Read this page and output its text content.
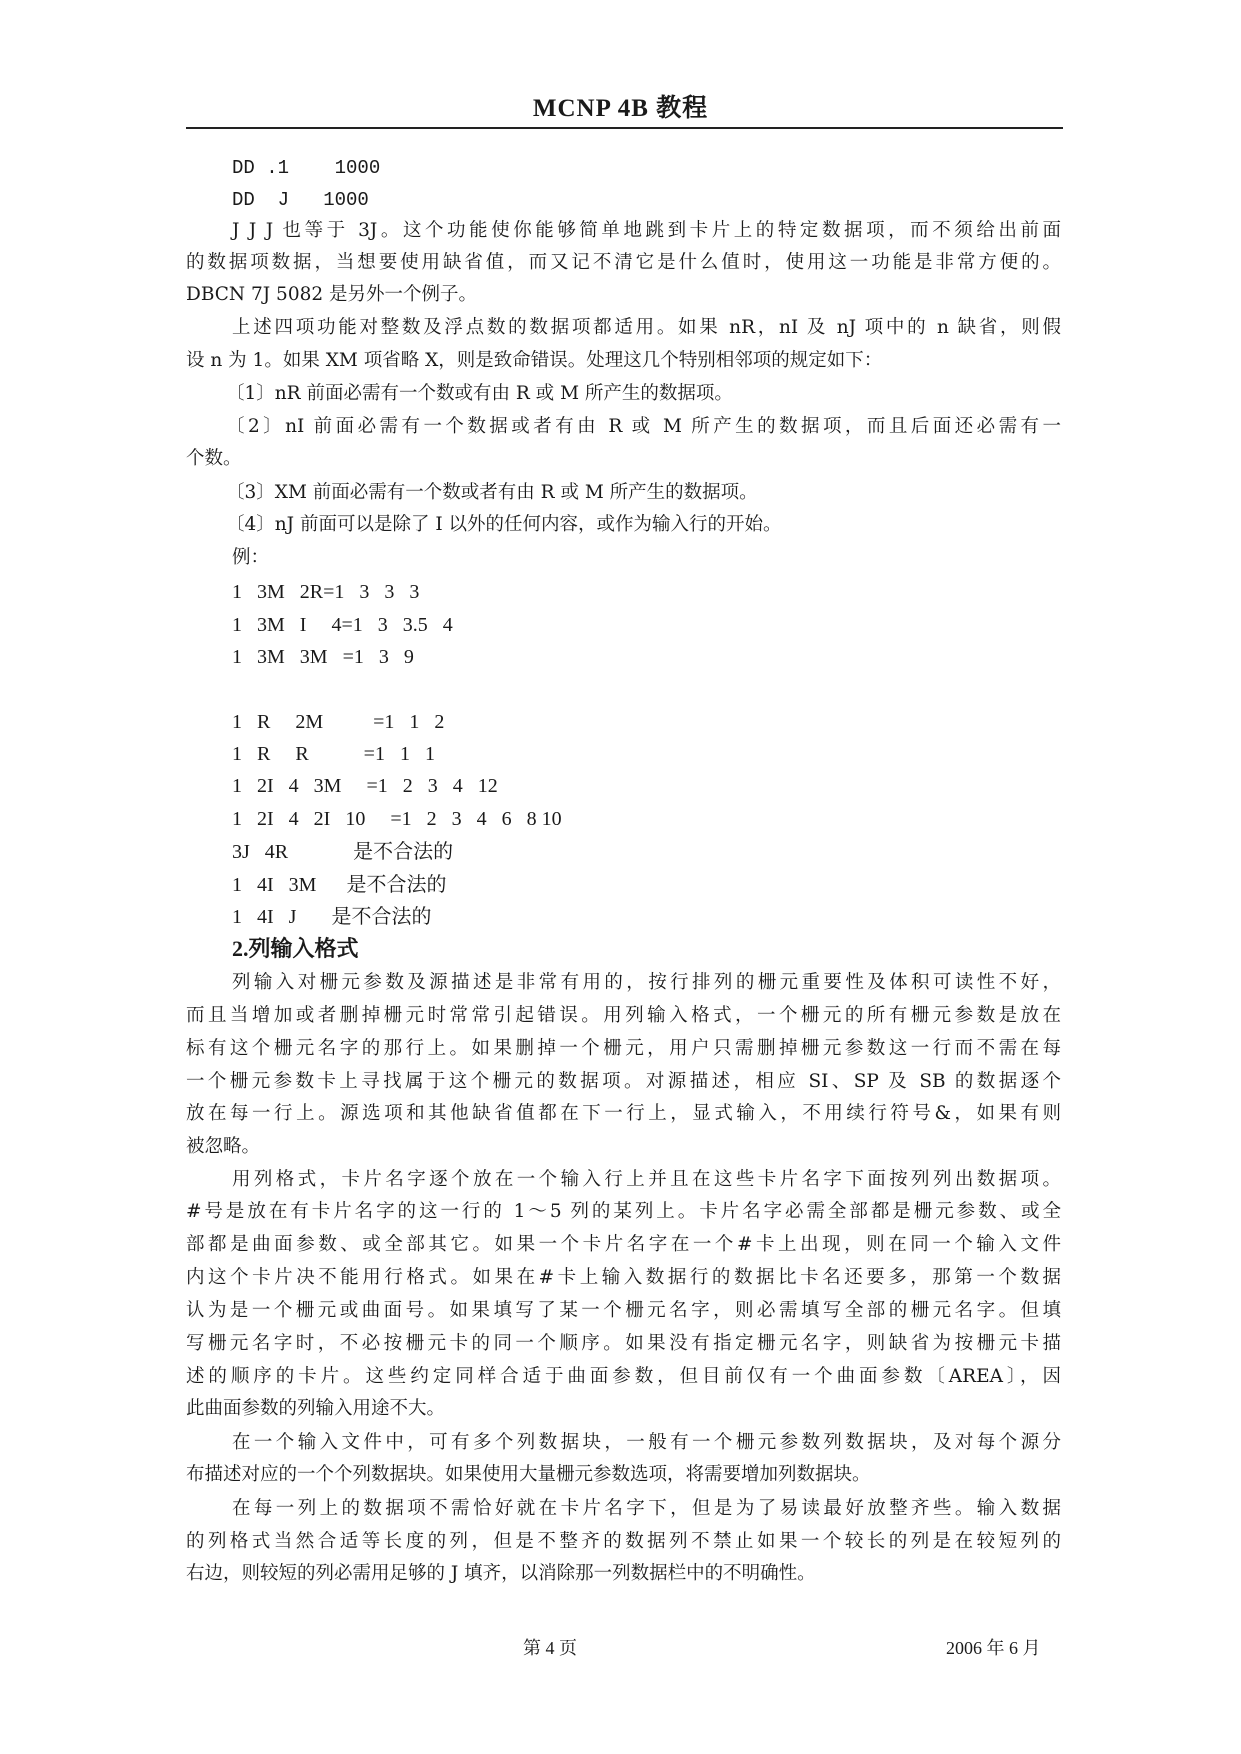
MCNP 4B 教程
DD .1    1000
DD  J   1000
J J J 也等于 3J。这个功能使你能够简单地跳到卡片上的特定数据项，而不须给出前面
的数据项数据，当想要使用缺省值，而又记不清它是什么值时，使用这一功能是非常方便的。
DBCN 7J 5082 是另外一个例子。
上述四项功能对整数及浮点数的数据项都适用。如果 nR，nI 及 nJ 项中的 n 缺省，则假
设 n 为 1。如果 XM 项省略 X，则是致命错误。处理这几个特别相邻项的规定如下：
〔1〕nR 前面必需有一个数或有由 R 或 M 所产生的数据项。
〔2〕nI 前面必需有一个数据或者有由 R 或 M 所产生的数据项，而且后面还必需有一
个数。
〔3〕XM 前面必需有一个数或者有由 R 或 M 所产生的数据项。
〔4〕nJ 前面可以是除了 I 以外的任何内容，或作为输入行的开始。
例：
1   3M   2R=1   3   3   3
1   3M   I     4=1   3   3.5   4
1   3M   3M   =1   3   9
1   R     2M          =1   1   2
1   R     R           =1   1   1
1   2I   4   3M     =1   2   3   4   12
1   2I   4   2I   10     =1   2   3   4   6   8 10
3J   4R             是不合法的
1   4I   3M      是不合法的
1   4I   J       是不合法的
2.列输入格式
列输入对栅元参数及源描述是非常有用的，按行排列的栅元重要性及体积可读性不好，
而且当增加或者删掉栅元时常常引起错误。用列输入格式，一个栅元的所有栅元参数是放在
标有这个栅元名字的那行上。如果删掉一个栅元，用户只需删掉栅元参数这一行而不需在每
一个栅元参数卡上寻找属于这个栅元的数据项。对源描述，相应 SI、SP 及 SB 的数据逐个
放在每一行上。源选项和其他缺省值都在下一行上，显式输入，不用续行符号&，如果有则
被忽略。
用列格式，卡片名字逐个放在一个输入行上并且在这些卡片名字下面按列列出数据项。
#号是放在有卡片名字的这一行的 1～5 列的某列上。卡片名字必需全部都是栅元参数、或全
部都是曲面参数、或全部其它。如果一个卡片名字在一个#卡上出现，则在同一个输入文件
内这个卡片决不能用行格式。如果在#卡上输入数据行的数据比卡名还要多，那第一个数据
认为是一个栅元或曲面号。如果填写了某一个栅元名字，则必需填写全部的栅元名字。但填
写栅元名字时，不必按栅元卡的同一个顺序。如果没有指定栅元名字，则缺省为按栅元卡描
述的顺序的卡片。这些约定同样合适于曲面参数，但目前仅有一个曲面参数〔AREA〕，因
此曲面参数的列输入用途不大。
在一个输入文件中，可有多个列数据块，一般有一个栅元参数列数据块，及对每个源分
布描述对应的一个个列数据块。如果使用大量栅元参数选项，将需要增加列数据块。
在每一列上的数据项不需恰好就在卡片名字下，但是为了易读最好放整齐些。输入数据
的列格式当然合适等长度的列，但是不整齐的数据列不禁止如果一个较长的列是在较短列的
右边，则较短的列必需用足够的 J 填齐，以消除那一列数据栏中的不明确性。
第 4 页	2006 年 6 月
